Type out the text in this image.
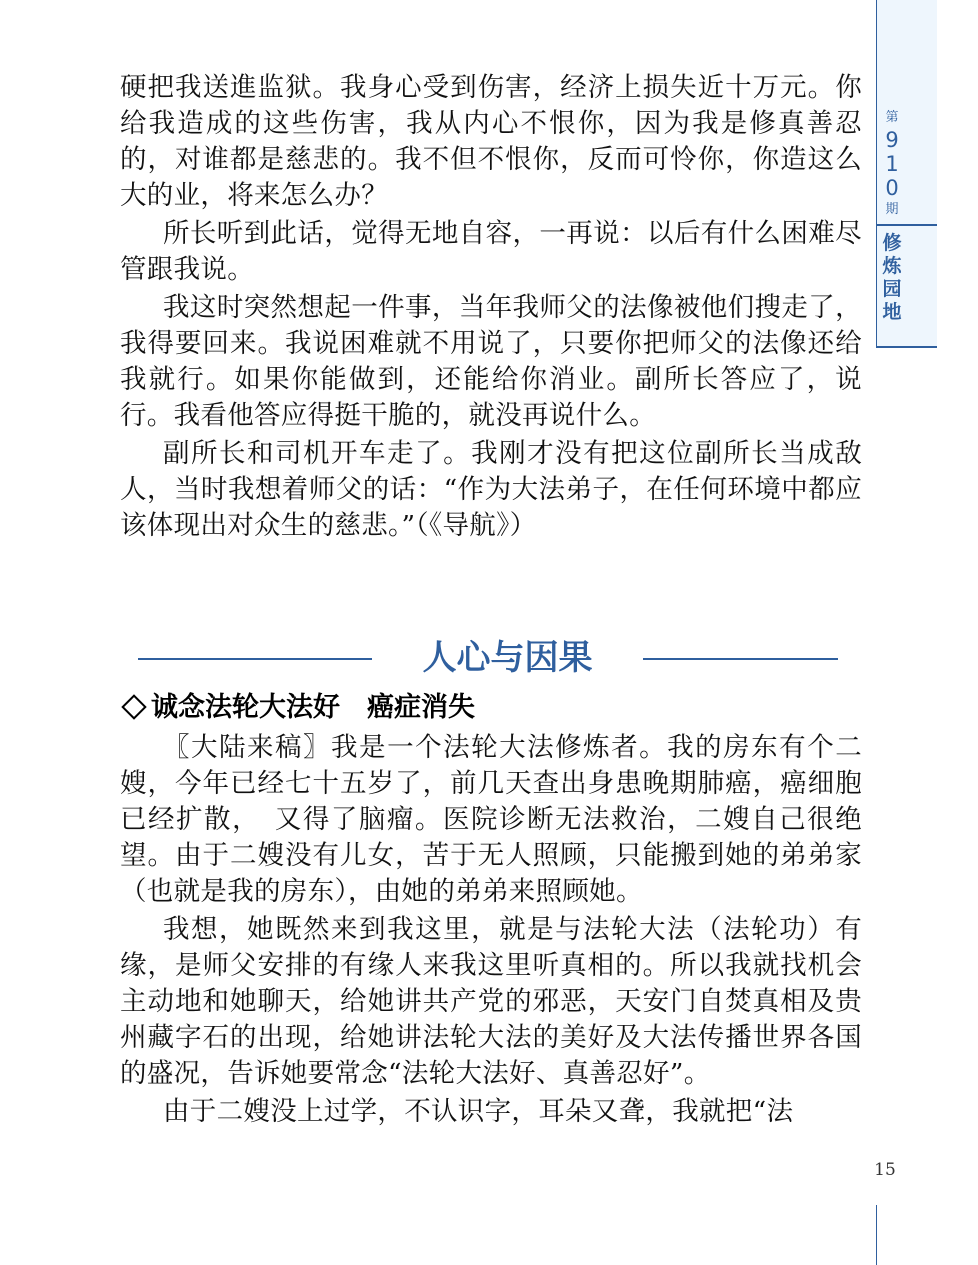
第
9
1
0
期
修
炼
园
地
15

硬把我送進监狱。我身心受到伤害，经济上损失近十万元。你给我造成的这些伤害，我从内心不恨你，因为我是修真善忍的，对谁都是慈悲的。我不但不恨你，反而可怜你，你造这么大的业，将来怎么办？

所长听到此话，觉得无地自容，一再说：以后有什么困难尽管跟我说。

我这时突然想起一件事，当年我师父的法像被他们搜走了，我得要回来。我说困难就不用说了，只要你把师父的法像还给我就行。如果你能做到，还能给你消业。副所长答应了，说行。我看他答应得挺干脆的，就没再说什么。

副所长和司机开车走了。我刚才没有把这位副所长当成敌人，当时我想着师父的话：“作为大法弟子，在任何环境中都应该体现出对众生的慈悲。”（《导航》）

人心与因果
诚念法轮大法好　癌症消失

〖大陆来稿〗我是一个法轮大法修炼者。我的房东有个二嫂，今年已经七十五岁了，前几天查出身患晚期肺癌，癌细胞已经扩散，　又得了脑瘤。医院诊断无法救治，二嫂自己很绝望。由于二嫂没有儿女，苦于无人照顾，只能搬到她的弟弟家（也就是我的房东），由她的弟弟来照顾她。

我想，她既然来到我这里，就是与法轮大法（法轮功）有缘，是师父安排的有缘人来我这里听真相的。所以我就找机会主动地和她聊天，给她讲共产党的邪恶，天安门自焚真相及贵州藏字石的出现，给她讲法轮大法的美好及大法传播世界各国的盛况，告诉她要常念“法轮大法好、真善忍好”。

由于二嫂没上过学，不认识字，耳朵又聋，我就把“法
